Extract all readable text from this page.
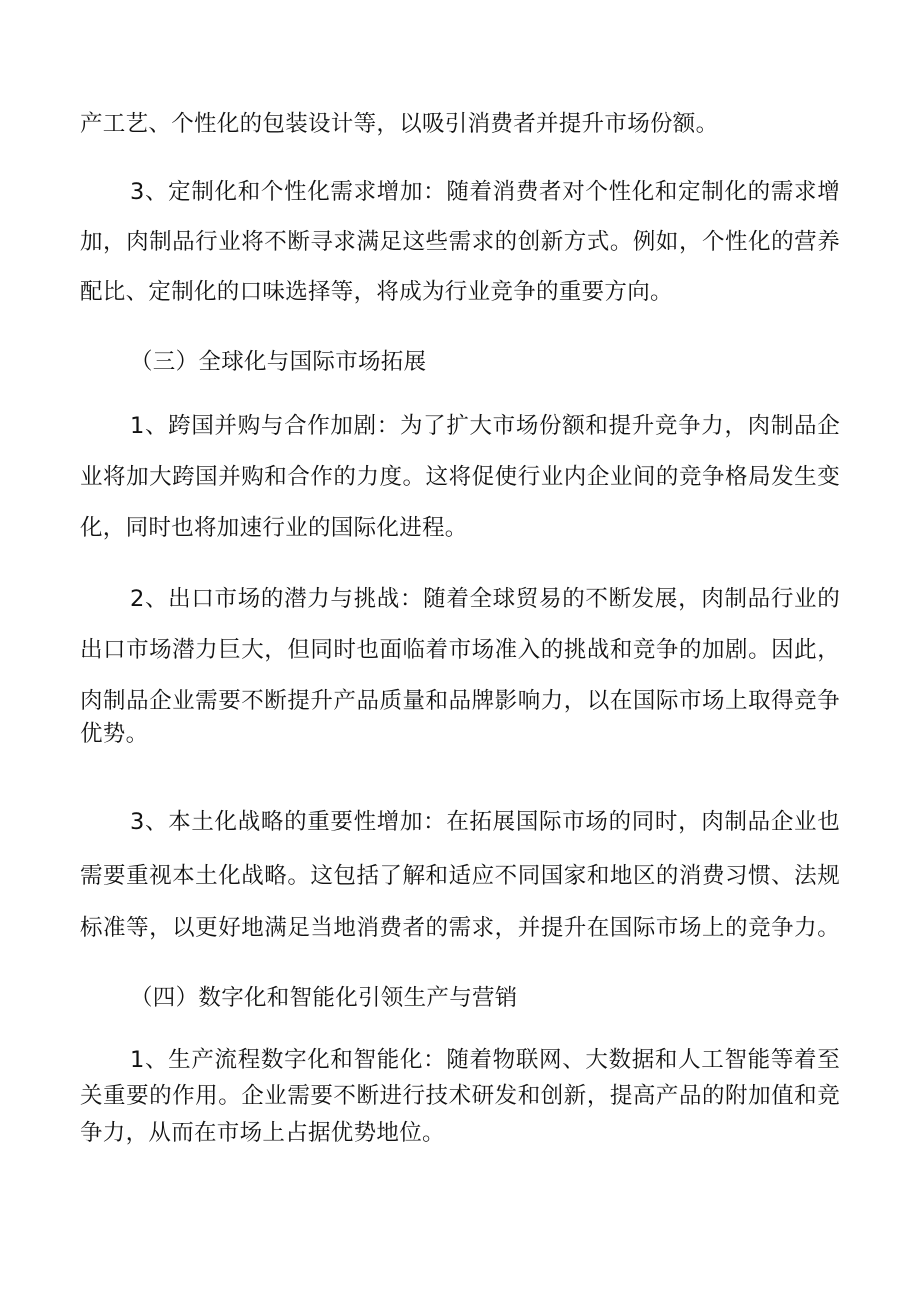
产工艺、个性化的包装设计等，以吸引消费者并提升市场份额。
3、定制化和个性化需求增加：随着消费者对个性化和定制化的需求增
加，肉制品行业将不断寻求满足这些需求的创新方式。例如，个性化的营养
配比、定制化的口味选择等，将成为行业竞争的重要方向。
（三）全球化与国际市场拓展
1、跨国并购与合作加剧：为了扩大市场份额和提升竞争力，肉制品企
业将加大跨国并购和合作的力度。这将促使行业内企业间的竞争格局发生变
化，同时也将加速行业的国际化进程。
2、出口市场的潜力与挑战：随着全球贸易的不断发展，肉制品行业的
出口市场潜力巨大，但同时也面临着市场准入的挑战和竞争的加剧。因此，
肉制品企业需要不断提升产品质量和品牌影响力，以在国际市场上取得竞争
优势。
3、本土化战略的重要性增加：在拓展国际市场的同时，肉制品企业也
需要重视本土化战略。这包括了解和适应不同国家和地区的消费习惯、法规
标准等，以更好地满足当地消费者的需求，并提升在国际市场上的竞争力。
（四）数字化和智能化引领生产与营销
1、生产流程数字化和智能化：随着物联网、大数据和人工智能等着至
关重要的作用。企业需要不断进行技术研发和创新，提高产品的附加值和竞
争力，从而在市场上占据优势地位。
